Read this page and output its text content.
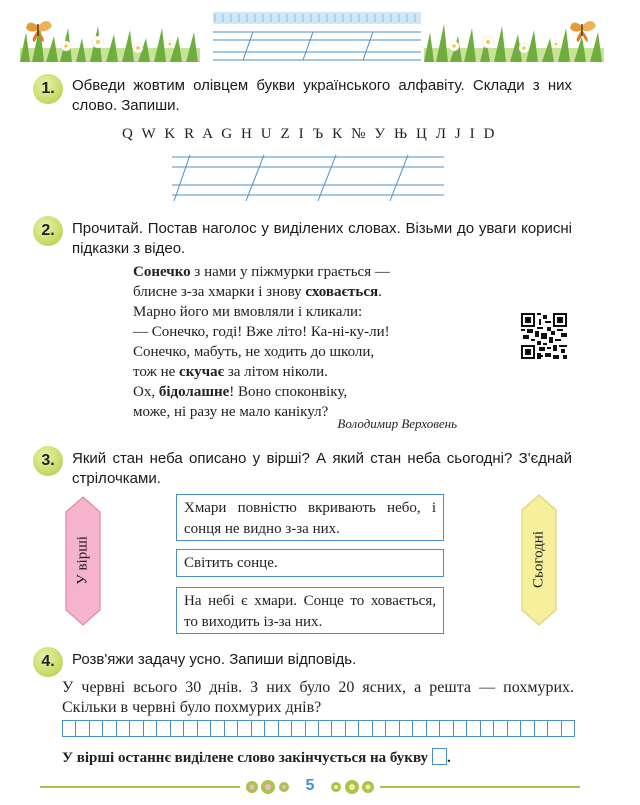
1.	Обведи жовтим олівцем букви українського алфавіту. Склади з них слово. Запиши.
Q W K R A G H U Z I Ъ К № У Њ Ц Л J I D
2.	Прочитай. Постав наголос у виділених словах. Візьми до уваги корисні підказки з відео.
Сонечко з нами у піжмурки грається —
блисне з-за хмарки і знову сховається.
Марно його ми вмовляли і кликали:
— Сонечко, годі! Вже літо! Ка-ні-ку-ли!
Сонечко, мабуть, не ходить до школи,
тож не скучає за літом ніколи.
Ох, бідолашне! Воно споконвіку,
може, ні разу не мало канікул?
Володимир Верховень
3.	Який стан неба описано у вірші? А який стан неба сьогодні? З'єднай стрілочками.
У вірші	Сьогодні
Хмари повністю вкривають небо, і сонця не видно з-за них.
Світить сонце.
На небі є хмари. Сонце то ховається, то виходить із-за них.
4.	Розв'яжи задачу усно. Запиши відповідь.
У червні всього 30 днів. З них було 20 ясних, а решта — похмурих. Скільки в червні було похмурих днів?
У вірші останнє виділене слово закінчується на букву .
5
